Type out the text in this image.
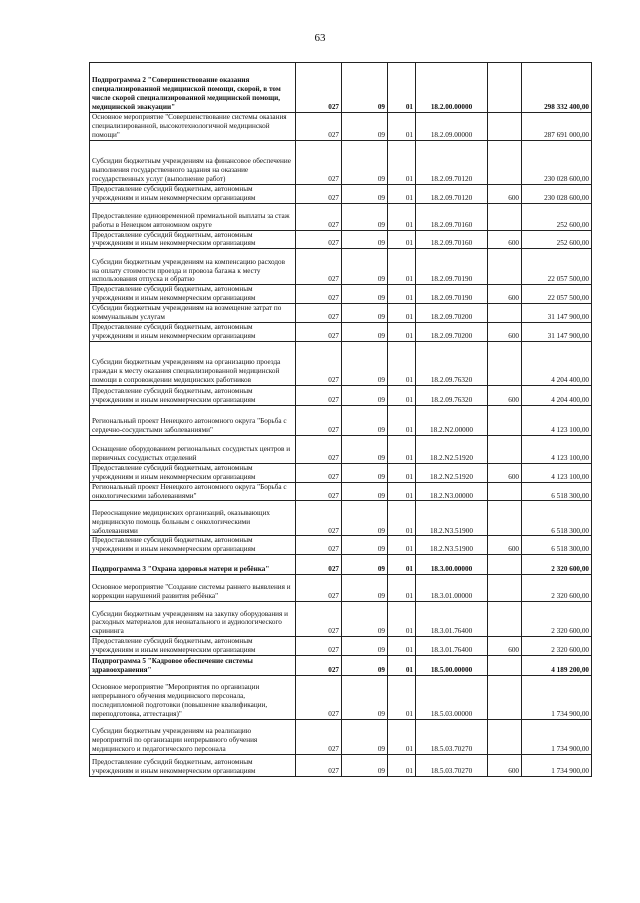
63
Подпрограмма 2 "Совершенствование оказания специализированной медицинской помощи, скорой, в том числе скорой специализированной медицинской помощи, медицинской эвакуации"	027	09	01	18.2.00.00000		298 332 400,00
Основное мероприятие "Совершенствование системы оказания специализированной, высокотехнологичной медицинской помощи"	027	09	01	18.2.09.00000		287 691 000,00
Субсидии бюджетным учреждениям на финансовое обеспечение выполнения государственного задания на оказание государственных услуг (выполнение работ)	027	09	01	18.2.09.70120		230 028 600,00
Предоставление субсидий бюджетным, автономным учреждениям и иным некоммерческим организациям	027	09	01	18.2.09.70120	600	230 028 600,00
Предоставление единовременной премиальной выплаты за стаж работы в Ненецком автономном округе	027	09	01	18.2.09.70160		252 600,00
Предоставление субсидий бюджетным, автономным учреждениям и иным некоммерческим организациям	027	09	01	18.2.09.70160	600	252 600,00
Субсидии бюджетным учреждениям на компенсацию расходов на оплату стоимости проезда и провоза багажа к месту использования отпуска и обратно	027	09	01	18.2.09.70190		22 057 500,00
Предоставление субсидий бюджетным, автономным учреждениям и иным некоммерческим организациям	027	09	01	18.2.09.70190	600	22 057 500,00
Субсидии бюджетным учреждениям на возмещение затрат по коммунальным услугам	027	09	01	18.2.09.70200		31 147 900,00
Предоставление субсидий бюджетным, автономным учреждениям и иным некоммерческим организациям	027	09	01	18.2.09.70200	600	31 147 900,00
Субсидии бюджетным учреждениям на организацию проезда граждан к месту оказания специализированной медицинской помощи в сопровождении медицинских работников	027	09	01	18.2.09.76320		4 204 400,00
Предоставление субсидий бюджетным, автономным учреждениям и иным некоммерческим организациям	027	09	01	18.2.09.76320	600	4 204 400,00
Региональный проект Ненецкого автономного округа "Борьба с сердечно-сосудистыми заболеваниями"	027	09	01	18.2.N2.00000		4 123 100,00
Оснащение оборудованием региональных сосудистых центров и первичных сосудистых отделений	027	09	01	18.2.N2.51920		4 123 100,00
Предоставление субсидий бюджетным, автономным учреждениям и иным некоммерческим организациям	027	09	01	18.2.N2.51920	600	4 123 100,00
Региональный проект Ненецкого автономного округа "Борьба с онкологическими заболеваниями"	027	09	01	18.2.N3.00000		6 518 300,00
Переоснащение медицинских организаций, оказывающих медицинскую помощь больным с онкологическими заболеваниями	027	09	01	18.2.N3.51900		6 518 300,00
Предоставление субсидий бюджетным, автономным учреждениям и иным некоммерческим организациям	027	09	01	18.2.N3.51900	600	6 518 300,00
Подпрограмма 3 "Охрана здоровья матери и ребёнка"	027	09	01	18.3.00.00000		2 320 600,00
Основное мероприятие "Создание системы раннего выявления и коррекции нарушений развития ребёнка"	027	09	01	18.3.01.00000		2 320 600,00
Субсидии бюджетным учреждениям на закупку оборудования и расходных материалов для неонатального и аудиологического скрининга	027	09	01	18.3.01.76400		2 320 600,00
Предоставление субсидий бюджетным, автономным учреждениям и иным некоммерческим организациям	027	09	01	18.3.01.76400	600	2 320 600,00
Подпрограмма 5 "Кадровое обеспечение системы здравоохранения"	027	09	01	18.5.00.00000		4 189 200,00
Основное мероприятие "Мероприятия по организации непрерывного обучения медицинского персонала, последипломной подготовки (повышение квалификации, переподготовка, аттестация)"	027	09	01	18.5.03.00000		1 734 900,00
Субсидии бюджетным учреждениям на реализацию мероприятий по организации непрерывного обучения медицинского и педагогического персонала	027	09	01	18.5.03.70270		1 734 900,00
Предоставление субсидий бюджетным, автономным учреждениям и иным некоммерческим организациям	027	09	01	18.5.03.70270	600	1 734 900,00
